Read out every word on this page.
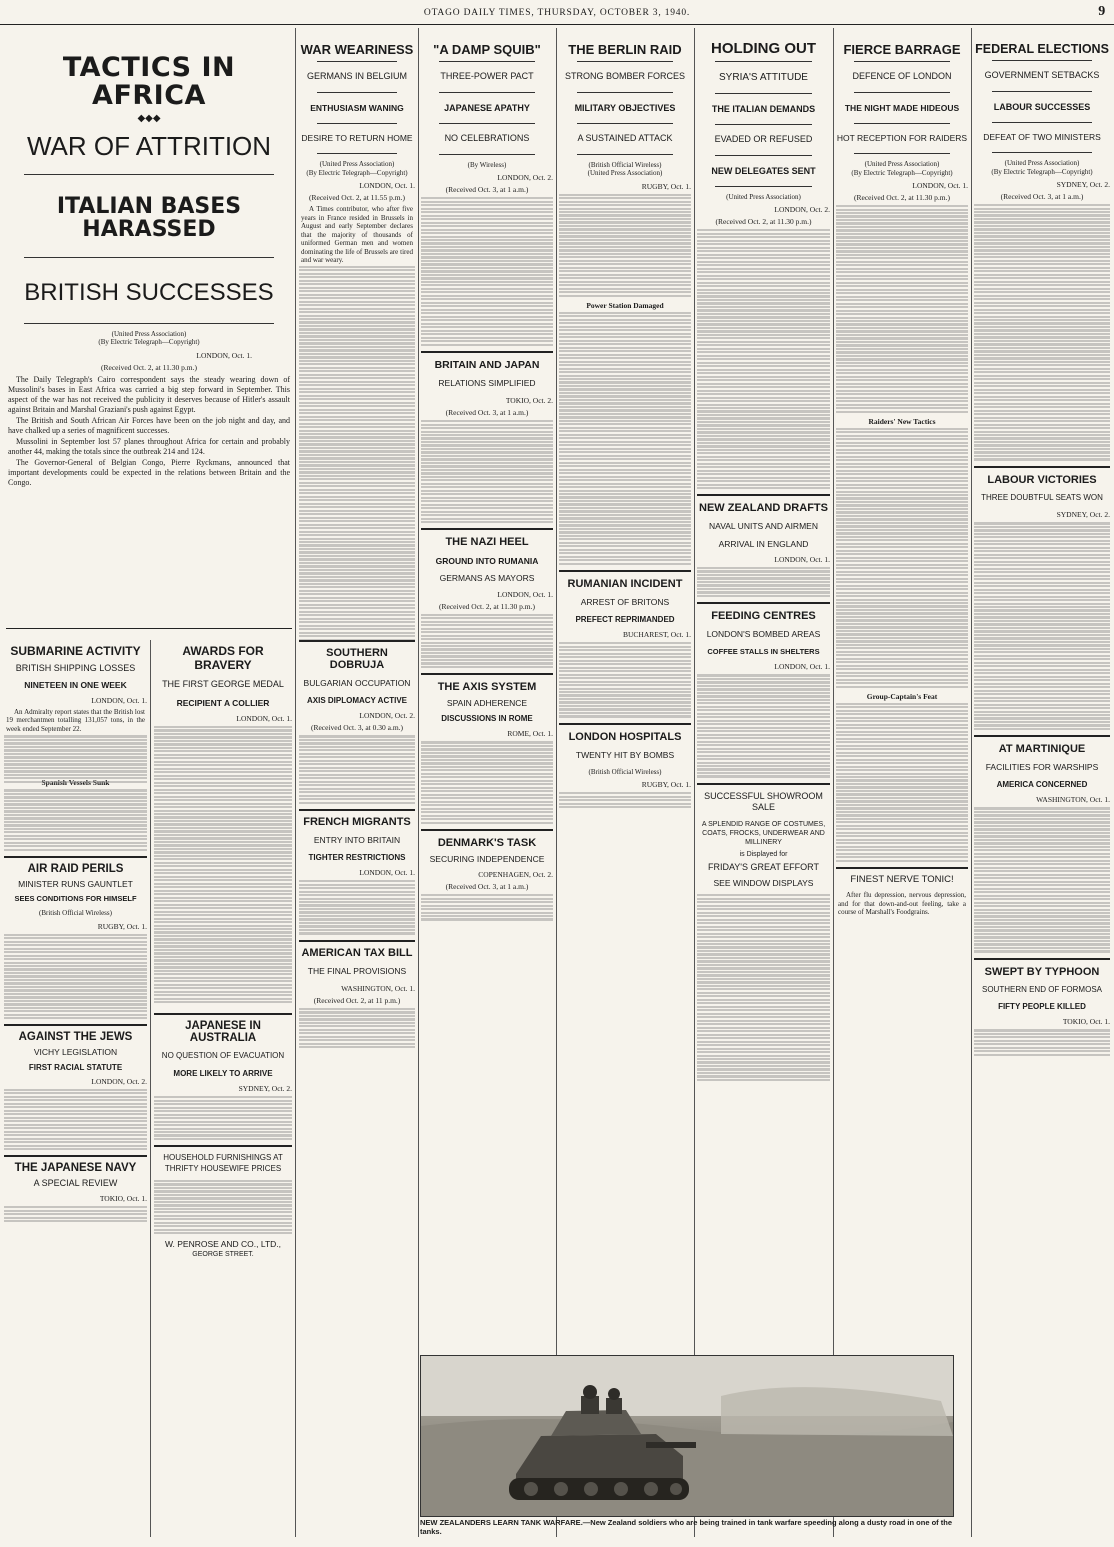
OTAGO DAILY TIMES, THURSDAY, OCTOBER 3, 1940.	9
TACTICS IN AFRICA
◆◆◆
WAR OF ATTRITION
ITALIAN BASES HARASSED
BRITISH SUCCESSES
(United Press Association)
(By Electric Telegraph—Copyright)
LONDON, Oct. 1.
(Received Oct. 2, at 11.30 p.m.)

The Daily Telegraph's Cairo correspondent says the steady wearing down of Mussolini's bases in East Africa was carried a big step forward in September. This aspect of the war has not received the publicity it deserves because of Hitler's assault against Britain and Marshal Graziani's push against Egypt.

The British and South African Air Forces have been on the job night and day, and have chalked up a series of magnificent successes.

Mussolini in September lost 57 planes throughout Africa for certain and probably another 44, making the totals since the outbreak 214 and 124.

The Governor-General of Belgian Congo, Pierre Ryckmans, announced that important developments could be expected in the relations between Britain and the Congo.

SUBMARINE ACTIVITY
BRITISH SHIPPING LOSSES
NINETEEN IN ONE WEEK
LONDON, Oct. 1.

An Admiralty report states that the British lost 19 merchantmen totalling 131,057 tons, in the week ended September 22.

Spanish Vessels Sunk
AIR RAID PERILS
MINISTER RUNS GAUNTLET
SEES CONDITIONS FOR HIMSELF
(British Official Wireless)
RUGBY, Oct. 1.
AGAINST THE JEWS
VICHY LEGISLATION
FIRST RACIAL STATUTE
LONDON, Oct. 2.
THE JAPANESE NAVY
A SPECIAL REVIEW
TOKIO, Oct. 1.
AWARDS FOR BRAVERY
THE FIRST GEORGE MEDAL
RECIPIENT A COLLIER
LONDON, Oct. 1.
JAPANESE IN AUSTRALIA
NO QUESTION OF EVACUATION
MORE LIKELY TO ARRIVE
SYDNEY, Oct. 2.
HOUSEHOLD FURNISHINGS AT THRIFTY HOUSEWIFE PRICES
W. PENROSE AND CO., LTD.,
GEORGE STREET.
WAR WEARINESS
GERMANS IN BELGIUM
ENTHUSIASM WANING
DESIRE TO RETURN HOME
(United Press Association)
(By Electric Telegraph—Copyright)
LONDON, Oct. 1.
(Received Oct. 2, at 11.55 p.m.)

A Times contributor, who after five years in France resided in Brussels in August and early September declares that the majority of thousands of uniformed German men and women dominating the life of Brussels are tired and war weary.

"A DAMP SQUIB"
THREE-POWER PACT
JAPANESE APATHY
NO CELEBRATIONS
(By Wireless)
LONDON, Oct. 2.
(Received Oct. 3, at 1 a.m.)
BRITAIN AND JAPAN
RELATIONS SIMPLIFIED
TOKIO, Oct. 2.
(Received Oct. 3, at 1 a.m.)
THE NAZI HEEL
GROUND INTO RUMANIA
GERMANS AS MAYORS
LONDON, Oct. 1.
(Received Oct. 2, at 11.30 p.m.)
THE AXIS SYSTEM
SPAIN ADHERENCE
DISCUSSIONS IN ROME
ROME, Oct. 1.
DENMARK'S TASK
SECURING INDEPENDENCE
COPENHAGEN, Oct. 2.
(Received Oct. 3, at 1 a.m.)
SOUTHERN DOBRUJA
BULGARIAN OCCUPATION
AXIS DIPLOMACY ACTIVE
LONDON, Oct. 2.
(Received Oct. 3, at 0.30 a.m.)
FRENCH MIGRANTS
ENTRY INTO BRITAIN
TIGHTER RESTRICTIONS
LONDON, Oct. 1.
AMERICAN TAX BILL
THE FINAL PROVISIONS
WASHINGTON, Oct. 1.
(Received Oct. 2, at 11 p.m.)
THE BERLIN RAID
STRONG BOMBER FORCES
MILITARY OBJECTIVES
A SUSTAINED ATTACK
(British Official Wireless)
(United Press Association)
RUGBY, Oct. 1.
Power Station Damaged
RUMANIAN INCIDENT
ARREST OF BRITONS
PREFECT REPRIMANDED
BUCHAREST, Oct. 1.
LONDON HOSPITALS
TWENTY HIT BY BOMBS
(British Official Wireless)
RUGBY, Oct. 1.
HOLDING OUT
SYRIA'S ATTITUDE
THE ITALIAN DEMANDS
EVADED OR REFUSED
NEW DELEGATES SENT
(United Press Association)
LONDON, Oct. 2.
(Received Oct. 2, at 11.30 p.m.)
NEW ZEALAND DRAFTS
NAVAL UNITS AND AIRMEN
ARRIVAL IN ENGLAND
LONDON, Oct. 1.
FEEDING CENTRES
LONDON'S BOMBED AREAS
COFFEE STALLS IN SHELTERS
LONDON, Oct. 1.
SUCCESSFUL SHOWROOM SALE
A SPLENDID RANGE OF COSTUMES, COATS, FROCKS, UNDERWEAR AND MILLINERY
is Displayed for
FRIDAY'S GREAT EFFORT
SEE WINDOW DISPLAYS
FIERCE BARRAGE
DEFENCE OF LONDON
THE NIGHT MADE HIDEOUS
HOT RECEPTION FOR RAIDERS
(United Press Association)
(By Electric Telegraph—Copyright)
LONDON, Oct. 1.
(Received Oct. 2, at 11.30 p.m.)
Raiders' New Tactics
Group-Captain's Feat
FINEST NERVE TONIC!

After flu depression, nervous depression, and for that down-and-out feeling, take a course of Marshall's Foodgrains.

FEDERAL ELECTIONS
GOVERNMENT SETBACKS
LABOUR SUCCESSES
DEFEAT OF TWO MINISTERS
(United Press Association)
(By Electric Telegraph—Copyright)
SYDNEY, Oct. 2.
(Received Oct. 3, at 1 a.m.)
LABOUR VICTORIES
THREE DOUBTFUL SEATS WON
SYDNEY, Oct. 2.
AT MARTINIQUE
FACILITIES FOR WARSHIPS
AMERICA CONCERNED
WASHINGTON, Oct. 1.
SWEPT BY TYPHOON
SOUTHERN END OF FORMOSA
FIFTY PEOPLE KILLED
TOKIO, Oct. 1.
NEW ZEALANDERS LEARN TANK WARFARE.—New Zealand soldiers who are being trained in tank warfare speeding along a dusty road in one of the tanks.
